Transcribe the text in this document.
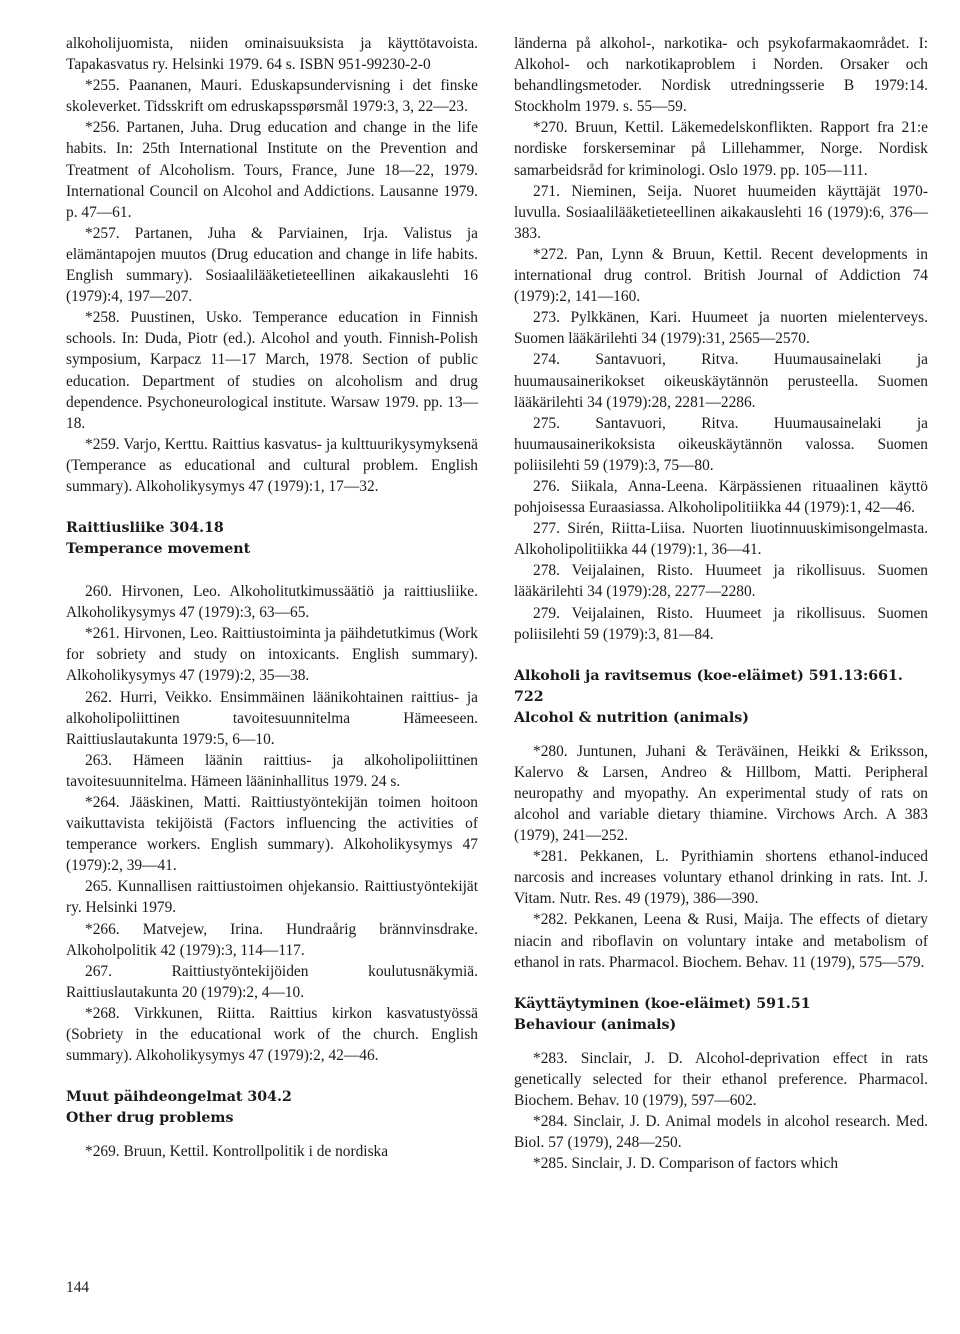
alkoholijuomista, niiden ominaisuuksista ja käyttötavoista. Tapakasvatus ry. Helsinki 1979. 64 s. ISBN 951-99230-2-0

*255. Paananen, Mauri. Eduskapsundervisning i det finske skoleverket. Tidsskrift om edruskapsspørsmål 1979:3, 3, 22—23.

*256. Partanen, Juha. Drug education and change in the life habits. In: 25th International Institute on the Prevention and Treatment of Alcoholism. Tours, France, June 18—22, 1979. International Council on Alcohol and Addictions. Lausanne 1979. p. 47—61.

*257. Partanen, Juha & Parviainen, Irja. Valistus ja elämäntapojen muutos (Drug education and change in life habits. English summary). Sosiaalilääketieteellinen aikakauslehti 16 (1979):4, 197—207.

*258. Puustinen, Usko. Temperance education in Finnish schools. In: Duda, Piotr (ed.). Alcohol and youth. Finnish-Polish symposium, Karpacz 11—17 March, 1978. Section of public education. Department of studies on alcoholism and drug dependence. Psychoneurological institute. Warsaw 1979. pp. 13—18.

*259. Varjo, Kerttu. Raittius kasvatus- ja kulttuurikysymyksenä (Temperance as educational and cultural problem. English summary). Alkoholikysymys 47 (1979):1, 17—32.

Raittiusliike 304.18

Temperance movement

260. Hirvonen, Leo. Alkoholitutkimussäätiö ja raittiusliike. Alkoholikysymys 47 (1979):3, 63—65.

*261. Hirvonen, Leo. Raittiustoiminta ja päihdetutkimus (Work for sobriety and study on intoxicants. English summary). Alkoholikysymys 47 (1979):2, 35—38.

262. Hurri, Veikko. Ensimmäinen läänikohtainen raittius- ja alkoholipoliittinen tavoitesuunnitelma Hämeeseen. Raittiuslautakunta 1979:5, 6—10.

263. Hämeen läänin raittius- ja alkoholipoliittinen tavoitesuunnitelma. Hämeen lääninhallitus 1979. 24 s.

*264. Jääskinen, Matti. Raittiustyöntekijän toimen hoitoon vaikuttavista tekijöistä (Factors influencing the activities of temperance workers. English summary). Alkoholikysymys 47 (1979):2, 39—41.

265. Kunnallisen raittiustoimen ohjekansio. Raittiustyöntekijät ry. Helsinki 1979.

*266. Matvejew, Irina. Hundraårig brännvinsdrake. Alkoholpolitik 42 (1979):3, 114—117.

267. Raittiustyöntekijöiden koulutusnäkymiä. Raittiuslautakunta 20 (1979):2, 4—10.

*268. Virkkunen, Riitta. Raittius kirkon kasvatustyössä (Sobriety in the educational work of the church. English summary). Alkoholikysymys 47 (1979):2, 42—46.

Muut päihdeongelmat 304.2

Other drug problems

*269. Bruun, Kettil. Kontrollpolitik i de nordiska

länderna på alkohol-, narkotika- och psykofarmakaområdet. I: Alkohol- och narkotikaproblem i Norden. Orsaker och behandlingsmetoder. Nordisk utredningsserie B 1979:14. Stockholm 1979. s. 55—59.

*270. Bruun, Kettil. Läkemedelskonflikten. Rapport fra 21:e nordiske forskerseminar på Lillehammer, Norge. Nordisk samarbeidsråd for kriminologi. Oslo 1979. pp. 105—111.

271. Nieminen, Seija. Nuoret huumeiden käyttäjät 1970-luvulla. Sosiaalilääketieteellinen aikakauslehti 16 (1979):6, 376—383.

*272. Pan, Lynn & Bruun, Kettil. Recent developments in international drug control. British Journal of Addiction 74 (1979):2, 141—160.

273. Pylkkänen, Kari. Huumeet ja nuorten mielenterveys. Suomen lääkärilehti 34 (1979):31, 2565—2570.

274. Santavuori, Ritva. Huumausainelaki ja huumausainerikokset oikeuskäytännön perusteella. Suomen lääkärilehti 34 (1979):28, 2281—2286.

275. Santavuori, Ritva. Huumausainelaki ja huumausainerikoksista oikeuskäytännön valossa. Suomen poliisilehti 59 (1979):3, 75—80.

276. Siikala, Anna-Leena. Kärpässienen rituaalinen käyttö pohjoisessa Euraasiassa. Alkoholipolitiikka 44 (1979):1, 42—46.

277. Sirén, Riitta-Liisa. Nuorten liuotinnuuskimisongelmasta. Alkoholipolitiikka 44 (1979):1, 36—41.

278. Veijalainen, Risto. Huumeet ja rikollisuus. Suomen lääkärilehti 34 (1979):28, 2277—2280.

279. Veijalainen, Risto. Huumeet ja rikollisuus. Suomen poliisilehti 59 (1979):3, 81—84.

Alkoholi ja ravitsemus (koe-eläimet) 591.13:661. 722

Alcohol & nutrition (animals)

*280. Juntunen, Juhani & Teräväinen, Heikki & Eriksson, Kalervo & Larsen, Andreo & Hillbom, Matti. Peripheral neuropathy and myopathy. An experimental study of rats on alcohol and variable dietary thiamine. Virchows Arch. A 383 (1979), 241—252.

*281. Pekkanen, L. Pyrithiamin shortens ethanol-induced narcosis and increases voluntary ethanol drinking in rats. Int. J. Vitam. Nutr. Res. 49 (1979), 386—390.

*282. Pekkanen, Leena & Rusi, Maija. The effects of dietary niacin and riboflavin on voluntary intake and metabolism of ethanol in rats. Pharmacol. Biochem. Behav. 11 (1979), 575—579.

Käyttäytyminen (koe-eläimet) 591.51

Behaviour (animals)

*283. Sinclair, J. D. Alcohol-deprivation effect in rats genetically selected for their ethanol preference. Pharmacol. Biochem. Behav. 10 (1979), 597—602.

*284. Sinclair, J. D. Animal models in alcohol research. Med. Biol. 57 (1979), 248—250.

*285. Sinclair, J. D. Comparison of factors which

144
